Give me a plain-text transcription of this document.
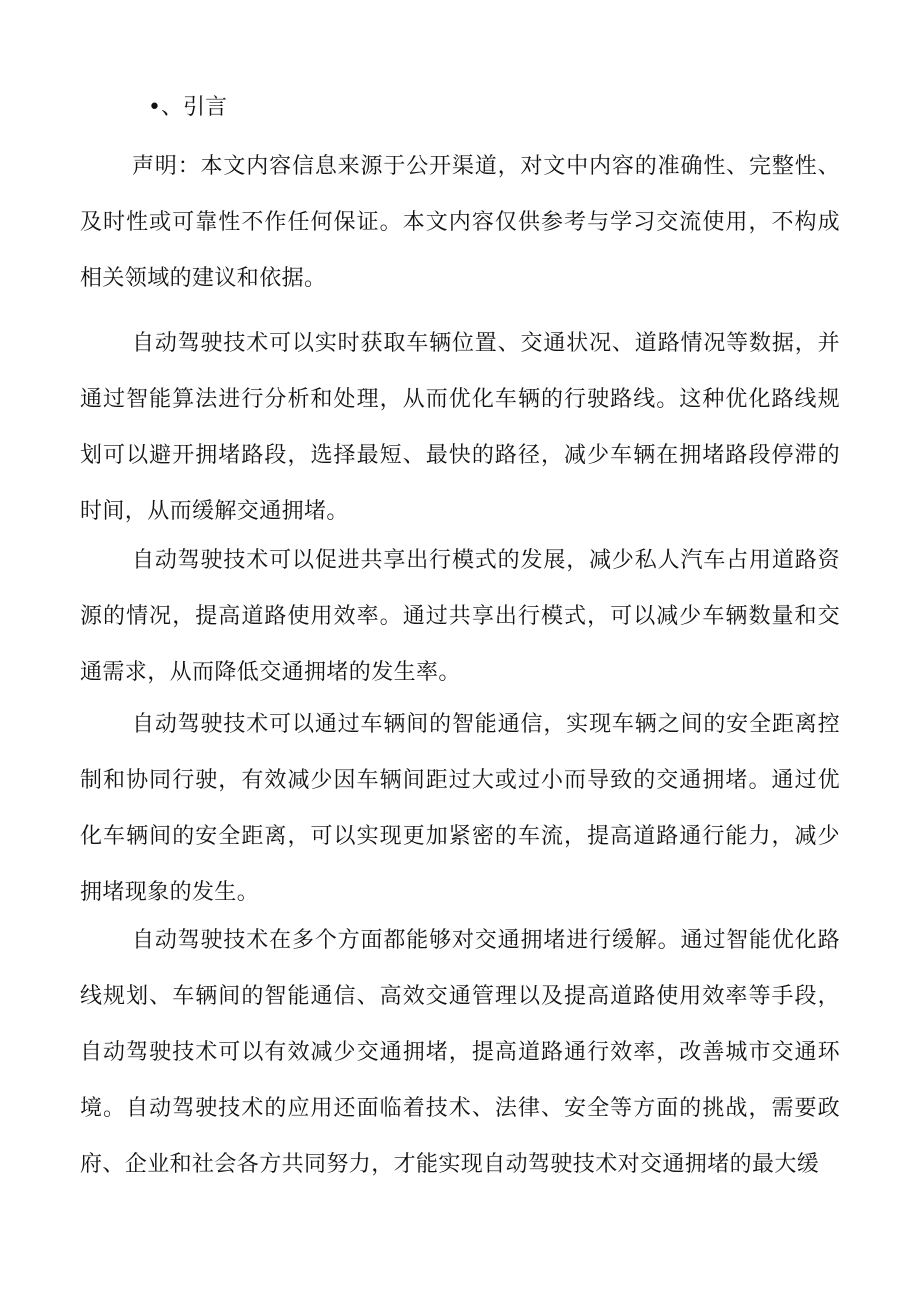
•、引言

声明：本文内容信息来源于公开渠道，对文中内容的准确性、完整性、及时性或可靠性不作任何保证。本文内容仅供参考与学习交流使用，不构成相关领域的建议和依据。

自动驾驶技术可以实时获取车辆位置、交通状况、道路情况等数据，并通过智能算法进行分析和处理，从而优化车辆的行驶路线。这种优化路线规划可以避开拥堵路段，选择最短、最快的路径，减少车辆在拥堵路段停滞的时间，从而缓解交通拥堵。

自动驾驶技术可以促进共享出行模式的发展，减少私人汽车占用道路资源的情况，提高道路使用效率。通过共享出行模式，可以减少车辆数量和交通需求，从而降低交通拥堵的发生率。

自动驾驶技术可以通过车辆间的智能通信，实现车辆之间的安全距离控制和协同行驶，有效减少因车辆间距过大或过小而导致的交通拥堵。通过优化车辆间的安全距离，可以实现更加紧密的车流，提高道路通行能力，减少拥堵现象的发生。

自动驾驶技术在多个方面都能够对交通拥堵进行缓解。通过智能优化路线规划、车辆间的智能通信、高效交通管理以及提高道路使用效率等手段，自动驾驶技术可以有效减少交通拥堵，提高道路通行效率，改善城市交通环境。自动驾驶技术的应用还面临着技术、法律、安全等方面的挑战，需要政府、企业和社会各方共同努力，才能实现自动驾驶技术对交通拥堵的最大缓
